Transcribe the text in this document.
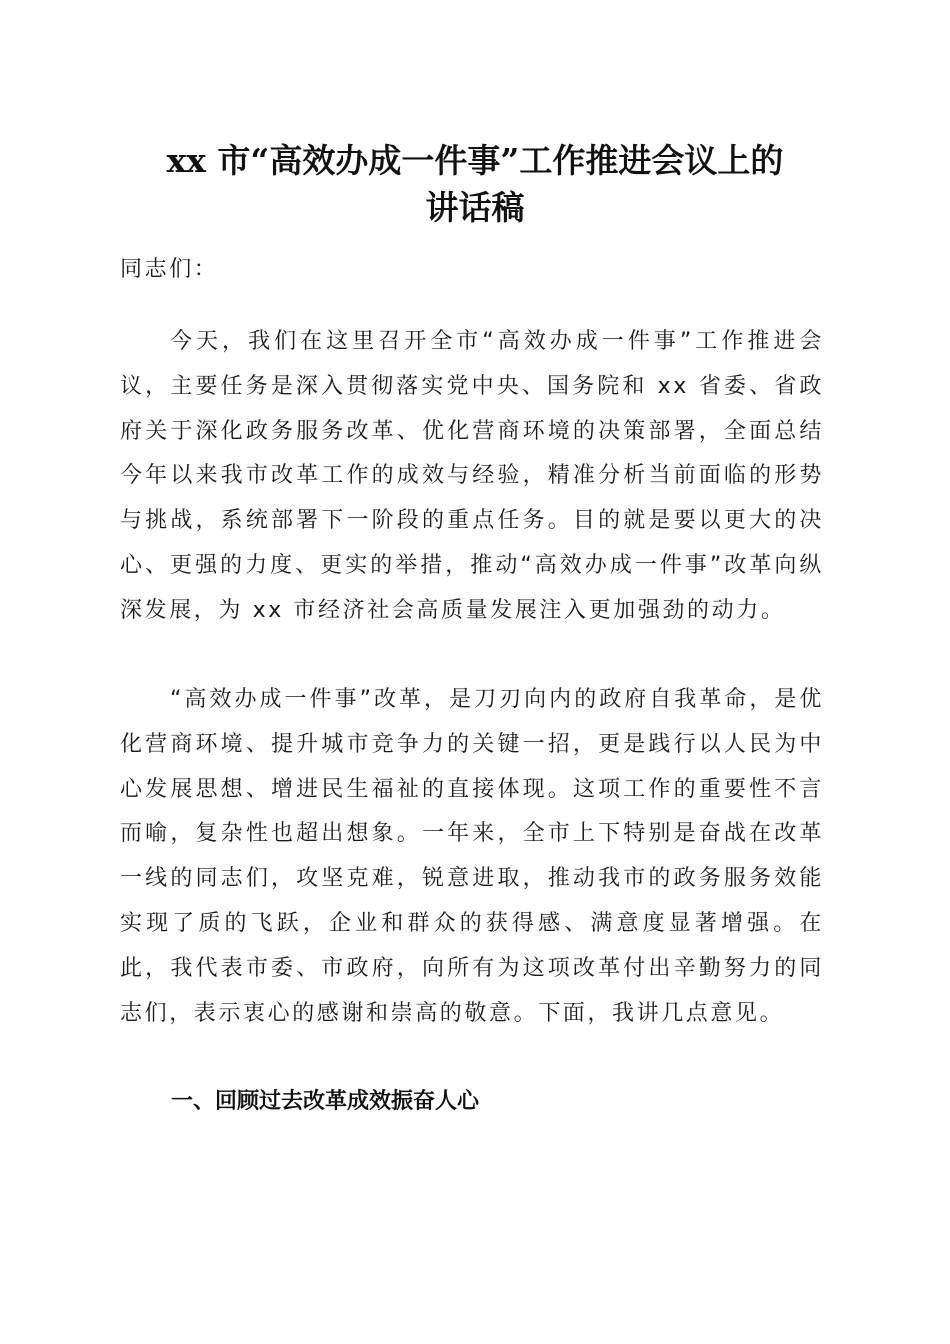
xx 市“高效办成一件事”工作推进会议上的
讲话稿

同志们：

今天，我们在这里召开全市“高效办成一件事”工作推进会议，主要任务是深入贯彻落实党中央、国务院和 xx 省委、省政府关于深化政务服务改革、优化营商环境的决策部署，全面总结今年以来我市改革工作的成效与经验，精准分析当前面临的形势与挑战，系统部署下一阶段的重点任务。目的就是要以更大的决心、更强的力度、更实的举措，推动“高效办成一件事”改革向纵深发展，为 xx 市经济社会高质量发展注入更加强劲的动力。

“高效办成一件事”改革，是刀刃向内的政府自我革命，是优化营商环境、提升城市竞争力的关键一招，更是践行以人民为中心发展思想、增进民生福祉的直接体现。这项工作的重要性不言而喻，复杂性也超出想象。一年来，全市上下特别是奋战在改革一线的同志们，攻坚克难，锐意进取，推动我市的政务服务效能实现了质的飞跃，企业和群众的获得感、满意度显著增强。在此，我代表市委、市政府，向所有为这项改革付出辛勤努力的同志们，表示衷心的感谢和崇高的敬意。下面，我讲几点意见。

一、回顾过去改革成效振奋人心
